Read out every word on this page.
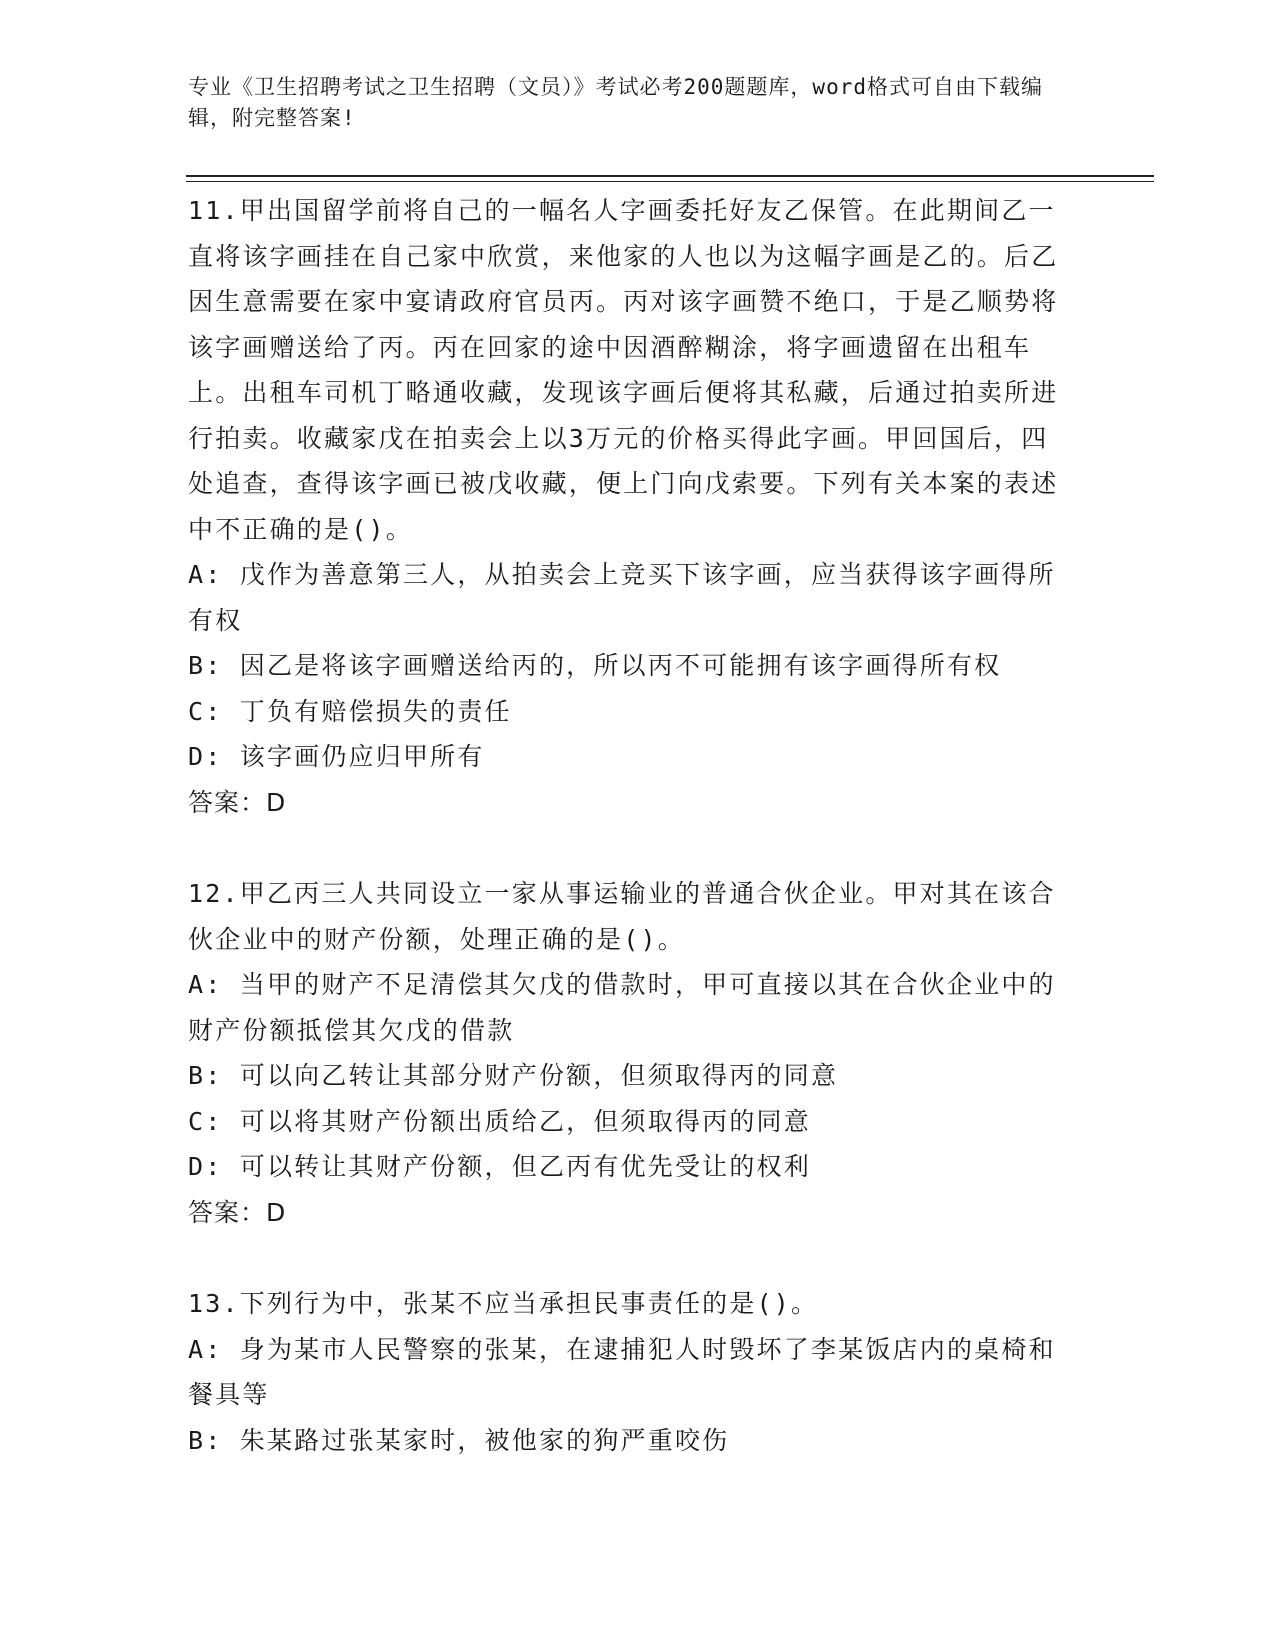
专业《卫生招聘考试之卫生招聘（文员）》考试必考200题题库，word格式可自由下载编辑，附完整答案!
11.甲出国留学前将自己的一幅名人字画委托好友乙保管。在此期间乙一直将该字画挂在自己家中欣赏，来他家的人也以为这幅字画是乙的。后乙因生意需要在家中宴请政府官员丙。丙对该字画赞不绝口，于是乙顺势将该字画赠送给了丙。丙在回家的途中因酒醉糊涂，将字画遗留在出租车上。出租车司机丁略通收藏，发现该字画后便将其私藏，后通过拍卖所进行拍卖。收藏家戊在拍卖会上以3万元的价格买得此字画。甲回国后，四处追查，查得该字画已被戊收藏，便上门向戊索要。下列有关本案的表述中不正确的是()。
A: 戊作为善意第三人，从拍卖会上竞买下该字画，应当获得该字画得所有权
B: 因乙是将该字画赠送给丙的，所以丙不可能拥有该字画得所有权
C: 丁负有赔偿损失的责任
D: 该字画仍应归甲所有
答案：D
12.甲乙丙三人共同设立一家从事运输业的普通合伙企业。甲对其在该合伙企业中的财产份额，处理正确的是()。
A: 当甲的财产不足清偿其欠戊的借款时，甲可直接以其在合伙企业中的财产份额抵偿其欠戊的借款
B: 可以向乙转让其部分财产份额，但须取得丙的同意
C: 可以将其财产份额出质给乙，但须取得丙的同意
D: 可以转让其财产份额，但乙丙有优先受让的权利
答案：D
13.下列行为中，张某不应当承担民事责任的是()。
A: 身为某市人民警察的张某，在逮捕犯人时毁坏了李某饭店内的桌椅和餐具等
B: 朱某路过张某家时，被他家的狗严重咬伤
